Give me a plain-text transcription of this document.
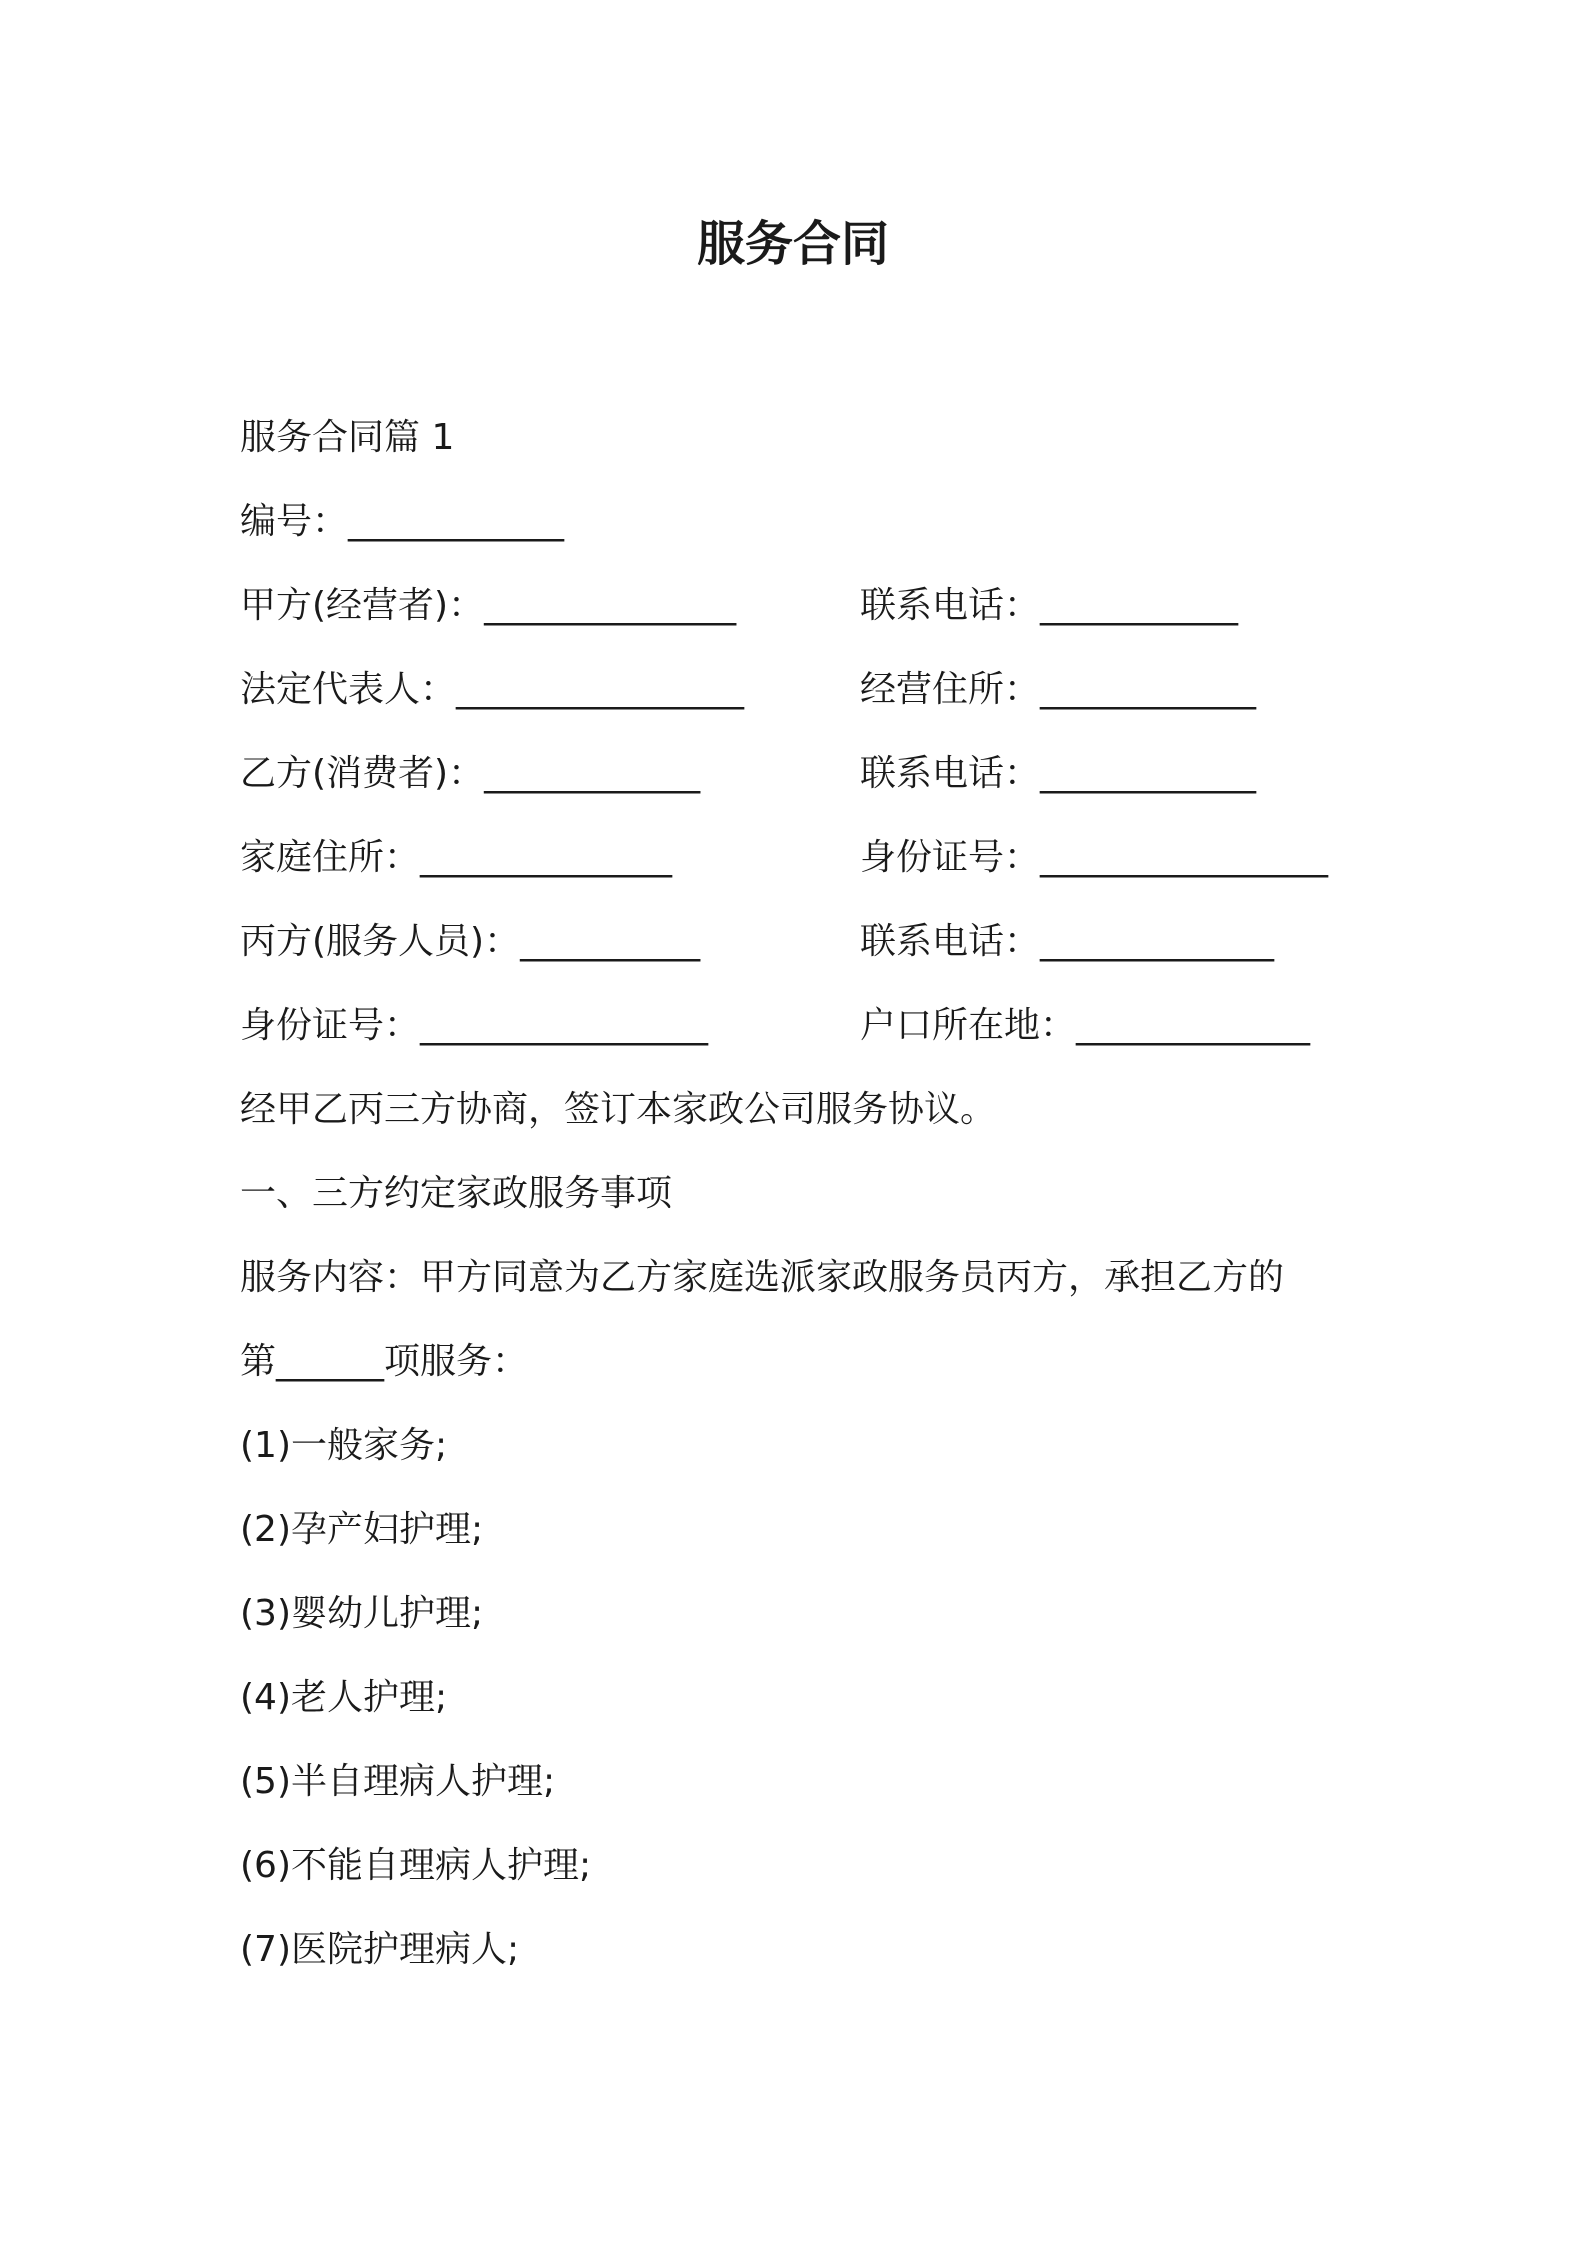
服务合同
服务合同篇 1
编号：____________
甲方(经营者)：______________	联系电话：___________
法定代表人：________________	经营住所：____________
乙方(消费者)：____________	联系电话：____________
家庭住所：______________	身份证号：________________
丙方(服务人员)：__________	联系电话：_____________
身份证号：________________	户口所在地：_____________
经甲乙丙三方协商，签订本家政公司服务协议。
一、三方约定家政服务事项
服务内容：甲方同意为乙方家庭选派家政服务员丙方，承担乙方的
第______项服务：
(1)一般家务;
(2)孕产妇护理;
(3)婴幼儿护理;
(4)老人护理;
(5)半自理病人护理;
(6)不能自理病人护理;
(7)医院护理病人;
